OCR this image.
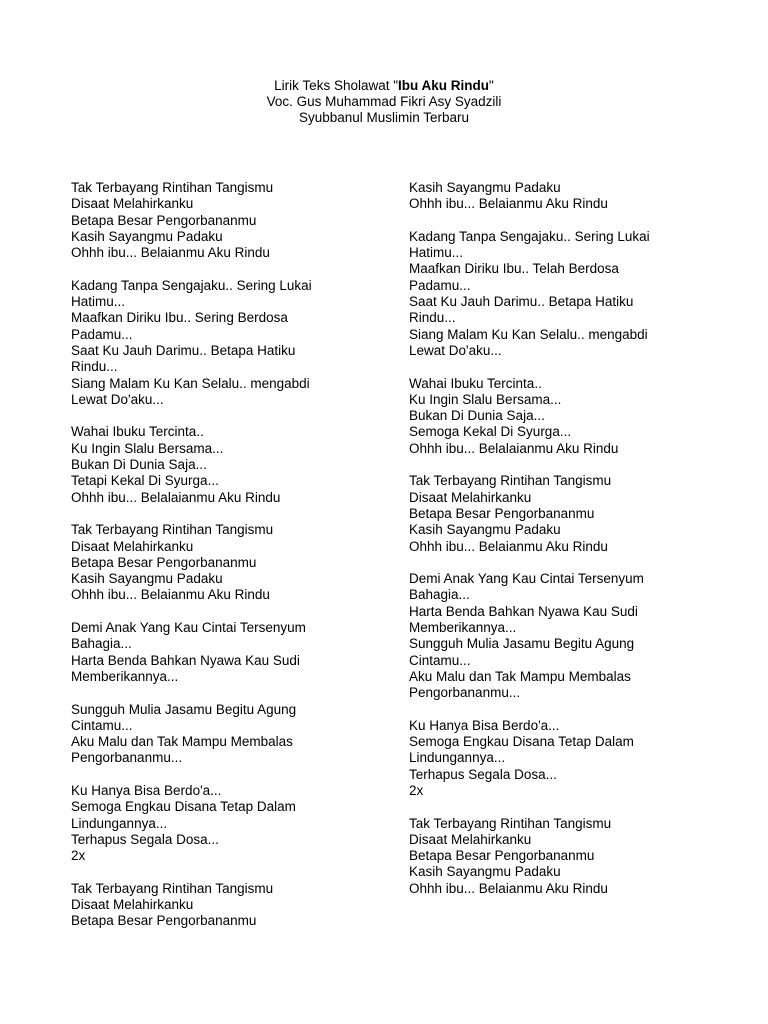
Lirik Teks Sholawat "Ibu Aku Rindu"
Voc. Gus Muhammad Fikri Asy Syadzili
Syubbanul Muslimin Terbaru
Tak Terbayang Rintihan Tangismu
Disaat Melahirkanku
Betapa Besar Pengorbananmu
Kasih Sayangmu Padaku
Ohhh ibu... Belaianmu Aku Rindu
Kadang Tanpa Sengajaku.. Sering Lukai
Hatimu...
Maafkan Diriku Ibu.. Sering Berdosa
Padamu...
Saat Ku Jauh Darimu.. Betapa Hatiku
Rindu...
Siang Malam Ku Kan Selalu.. mengabdi
Lewat Do'aku...
Wahai Ibuku Tercinta..
Ku Ingin Slalu Bersama...
Bukan Di Dunia Saja...
Tetapi Kekal Di Syurga...
Ohhh ibu... Belalaianmu Aku Rindu
Tak Terbayang Rintihan Tangismu
Disaat Melahirkanku
Betapa Besar Pengorbananmu
Kasih Sayangmu Padaku
Ohhh ibu... Belaianmu Aku Rindu
Demi Anak Yang Kau Cintai Tersenyum
Bahagia...
Harta Benda Bahkan Nyawa Kau Sudi
Memberikannya...
Sungguh Mulia Jasamu Begitu Agung
Cintamu...
Aku Malu dan Tak Mampu Membalas
Pengorbananmu...
Ku Hanya Bisa Berdo'a...
Semoga Engkau Disana Tetap Dalam
Lindungannya...
Terhapus Segala Dosa...
2x
Tak Terbayang Rintihan Tangismu
Disaat Melahirkanku
Betapa Besar Pengorbananmu
Kasih Sayangmu Padaku
Ohhh ibu... Belaianmu Aku Rindu
Kadang Tanpa Sengajaku.. Sering Lukai
Hatimu...
Maafkan Diriku Ibu.. Telah Berdosa
Padamu...
Saat Ku Jauh Darimu.. Betapa Hatiku
Rindu...
Siang Malam Ku Kan Selalu.. mengabdi
Lewat Do'aku...
Wahai Ibuku Tercinta..
Ku Ingin Slalu Bersama...
Bukan Di Dunia Saja...
Semoga Kekal Di Syurga...
Ohhh ibu... Belalaianmu Aku Rindu
Tak Terbayang Rintihan Tangismu
Disaat Melahirkanku
Betapa Besar Pengorbananmu
Kasih Sayangmu Padaku
Ohhh ibu... Belaianmu Aku Rindu
Demi Anak Yang Kau Cintai Tersenyum
Bahagia...
Harta Benda Bahkan Nyawa Kau Sudi
Memberikannya...
Sungguh Mulia Jasamu Begitu Agung
Cintamu...
Aku Malu dan Tak Mampu Membalas
Pengorbananmu...
Ku Hanya Bisa Berdo'a...
Semoga Engkau Disana Tetap Dalam
Lindungannya...
Terhapus Segala Dosa...
2x
Tak Terbayang Rintihan Tangismu
Disaat Melahirkanku
Betapa Besar Pengorbananmu
Kasih Sayangmu Padaku
Ohhh ibu... Belaianmu Aku Rindu
